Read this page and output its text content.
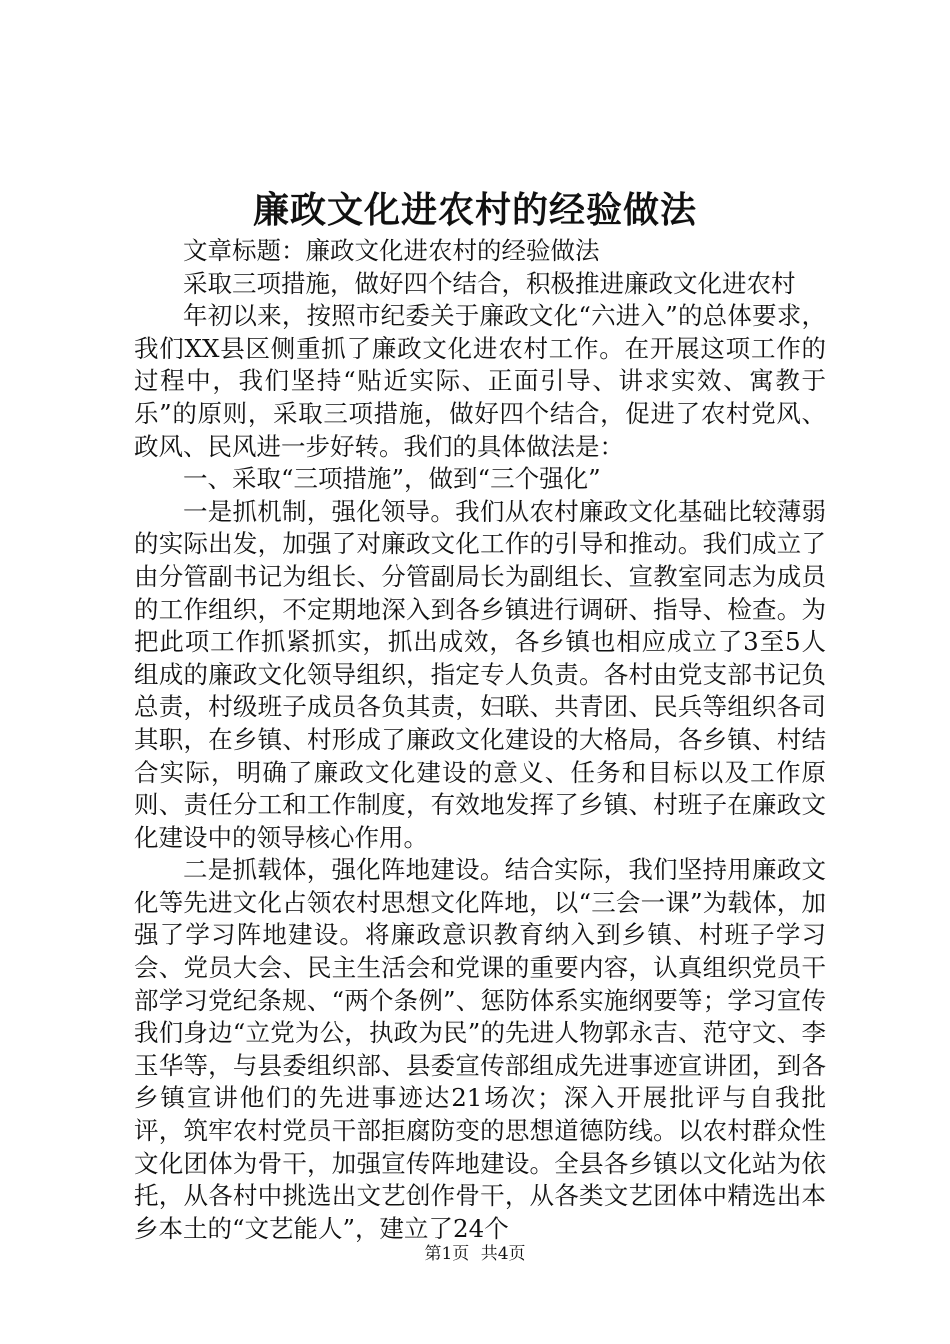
廉政文化进农村的经验做法

文章标题：廉政文化进农村的经验做法

采取三项措施，做好四个结合，积极推进廉政文化进农村

年初以来，按照市纪委关于廉政文化“六进入”的总体要求，我们XX县区侧重抓了廉政文化进农村工作。在开展这项工作的过程中，我们坚持“贴近实际、正面引导、讲求实效、寓教于乐”的原则，采取三项措施，做好四个结合，促进了农村党风、政风、民风进一步好转。我们的具体做法是：

一、采取“三项措施”，做到“三个强化”

一是抓机制，强化领导。我们从农村廉政文化基础比较薄弱的实际出发，加强了对廉政文化工作的引导和推动。我们成立了由分管副书记为组长、分管副局长为副组长、宣教室同志为成员的工作组织，不定期地深入到各乡镇进行调研、指导、检查。为把此项工作抓紧抓实，抓出成效，各乡镇也相应成立了3至5人组成的廉政文化领导组织，指定专人负责。各村由党支部书记负总责，村级班子成员各负其责，妇联、共青团、民兵等组织各司其职，在乡镇、村形成了廉政文化建设的大格局，各乡镇、村结合实际，明确了廉政文化建设的意义、任务和目标以及工作原则、责任分工和工作制度，有效地发挥了乡镇、村班子在廉政文化建设中的领导核心作用。

二是抓载体，强化阵地建设。结合实际，我们坚持用廉政文化等先进文化占领农村思想文化阵地，以“三会一课”为载体，加强了学习阵地建设。将廉政意识教育纳入到乡镇、村班子学习会、党员大会、民主生活会和党课的重要内容，认真组织党员干部学习党纪条规、“两个条例”、惩防体系实施纲要等；学习宣传我们身边“立党为公，执政为民”的先进人物郭永吉、范守文、李玉华等，与县委组织部、县委宣传部组成先进事迹宣讲团，到各乡镇宣讲他们的先进事迹达21场次；深入开展批评与自我批评，筑牢农村党员干部拒腐防变的思想道德防线。以农村群众性文化团体为骨干，加强宣传阵地建设。全县各乡镇以文化站为依托，从各村中挑选出文艺创作骨干，从各类文艺团体中精选出本乡本土的“文艺能人”，建立了24个

第1页 共4页
